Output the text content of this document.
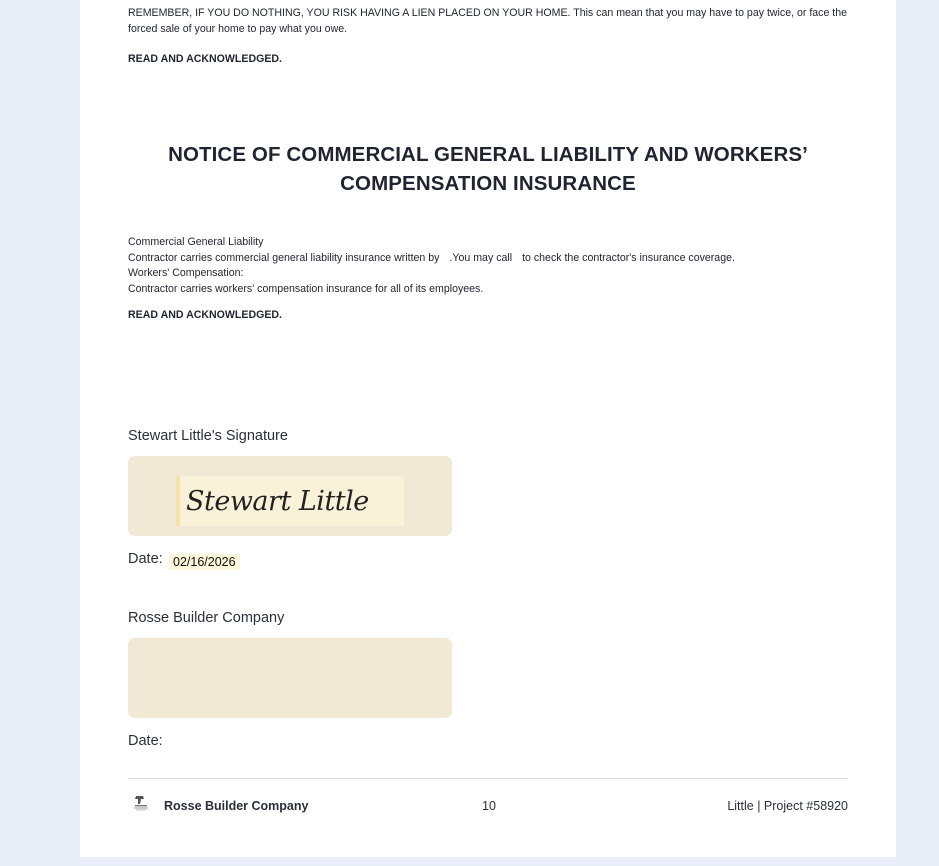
REMEMBER, IF YOU DO NOTHING, YOU RISK HAVING A LIEN PLACED ON YOUR HOME. This can mean that you may have to pay twice, or face the forced sale of your home to pay what you owe.

READ AND ACKNOWLEDGED.

NOTICE OF COMMERCIAL GENERAL LIABILITY AND WORKERS’ COMPENSATION INSURANCE
Commercial General Liability
Contractor carries commercial general liability insurance written by .You may call to check the contractor's insurance coverage.
Workers' Compensation:
Contractor carries workers' compensation insurance for all of its employees.

READ AND ACKNOWLEDGED.

Stewart Little's Signature
Stewart Little
Date: 02/16/2026
Rosse Builder Company
Date:
Rosse Builder Company	10	Little | Project #58920
